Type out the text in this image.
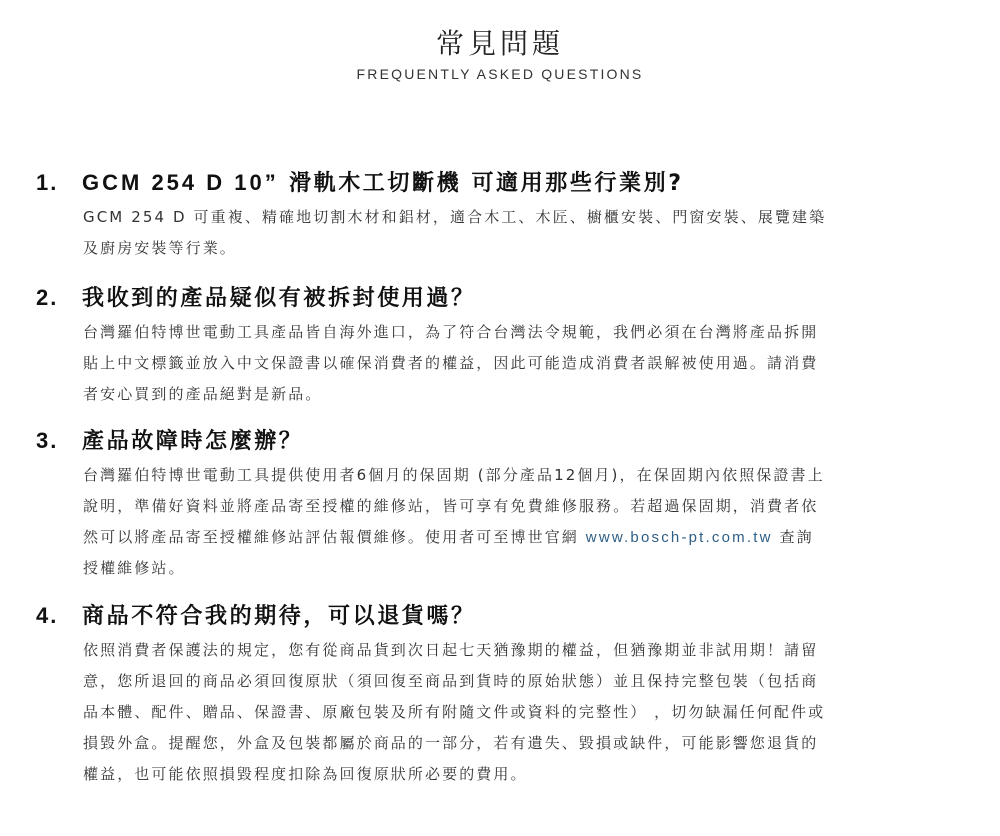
常見問題
FREQUENTLY ASKED QUESTIONS
1.	GCM 254 D 10” 滑軌木工切斷機 可適用那些行業別?
GCM 254 D 可重複、精確地切割木材和鋁材，適合木工、木匠、櫥櫃安裝、門窗安裝、展覽建築
及廚房安裝等行業。
2.	我收到的產品疑似有被拆封使用過？
台灣羅伯特博世電動工具產品皆自海外進口，為了符合台灣法令規範，我們必須在台灣將產品拆開
貼上中文標籤並放入中文保證書以確保消費者的權益，因此可能造成消費者誤解被使用過。請消費
者安心買到的產品絕對是新品。
3.	產品故障時怎麼辦？
台灣羅伯特博世電動工具提供使用者6個月的保固期 (部分產品12個月)，在保固期內依照保證書上
說明，準備好資料並將產品寄至授權的維修站，皆可享有免費維修服務。若超過保固期，消費者依
然可以將產品寄至授權維修站評估報價維修。使用者可至博世官網 www.bosch-pt.com.tw 查詢
授權維修站。
4.	商品不符合我的期待，可以退貨嗎？
依照消費者保護法的規定，您有從商品貨到次日起七天猶豫期的權益，但猶豫期並非試用期！請留
意，您所退回的商品必須回復原狀（須回復至商品到貨時的原始狀態）並且保持完整包裝（包括商
品本體、配件、贈品、保證書、原廠包裝及所有附隨文件或資料的完整性） ，切勿缺漏任何配件或
損毀外盒。提醒您，外盒及包裝都屬於商品的一部分，若有遺失、毀損或缺件，可能影響您退貨的
權益，也可能依照損毀程度扣除為回復原狀所必要的費用。
